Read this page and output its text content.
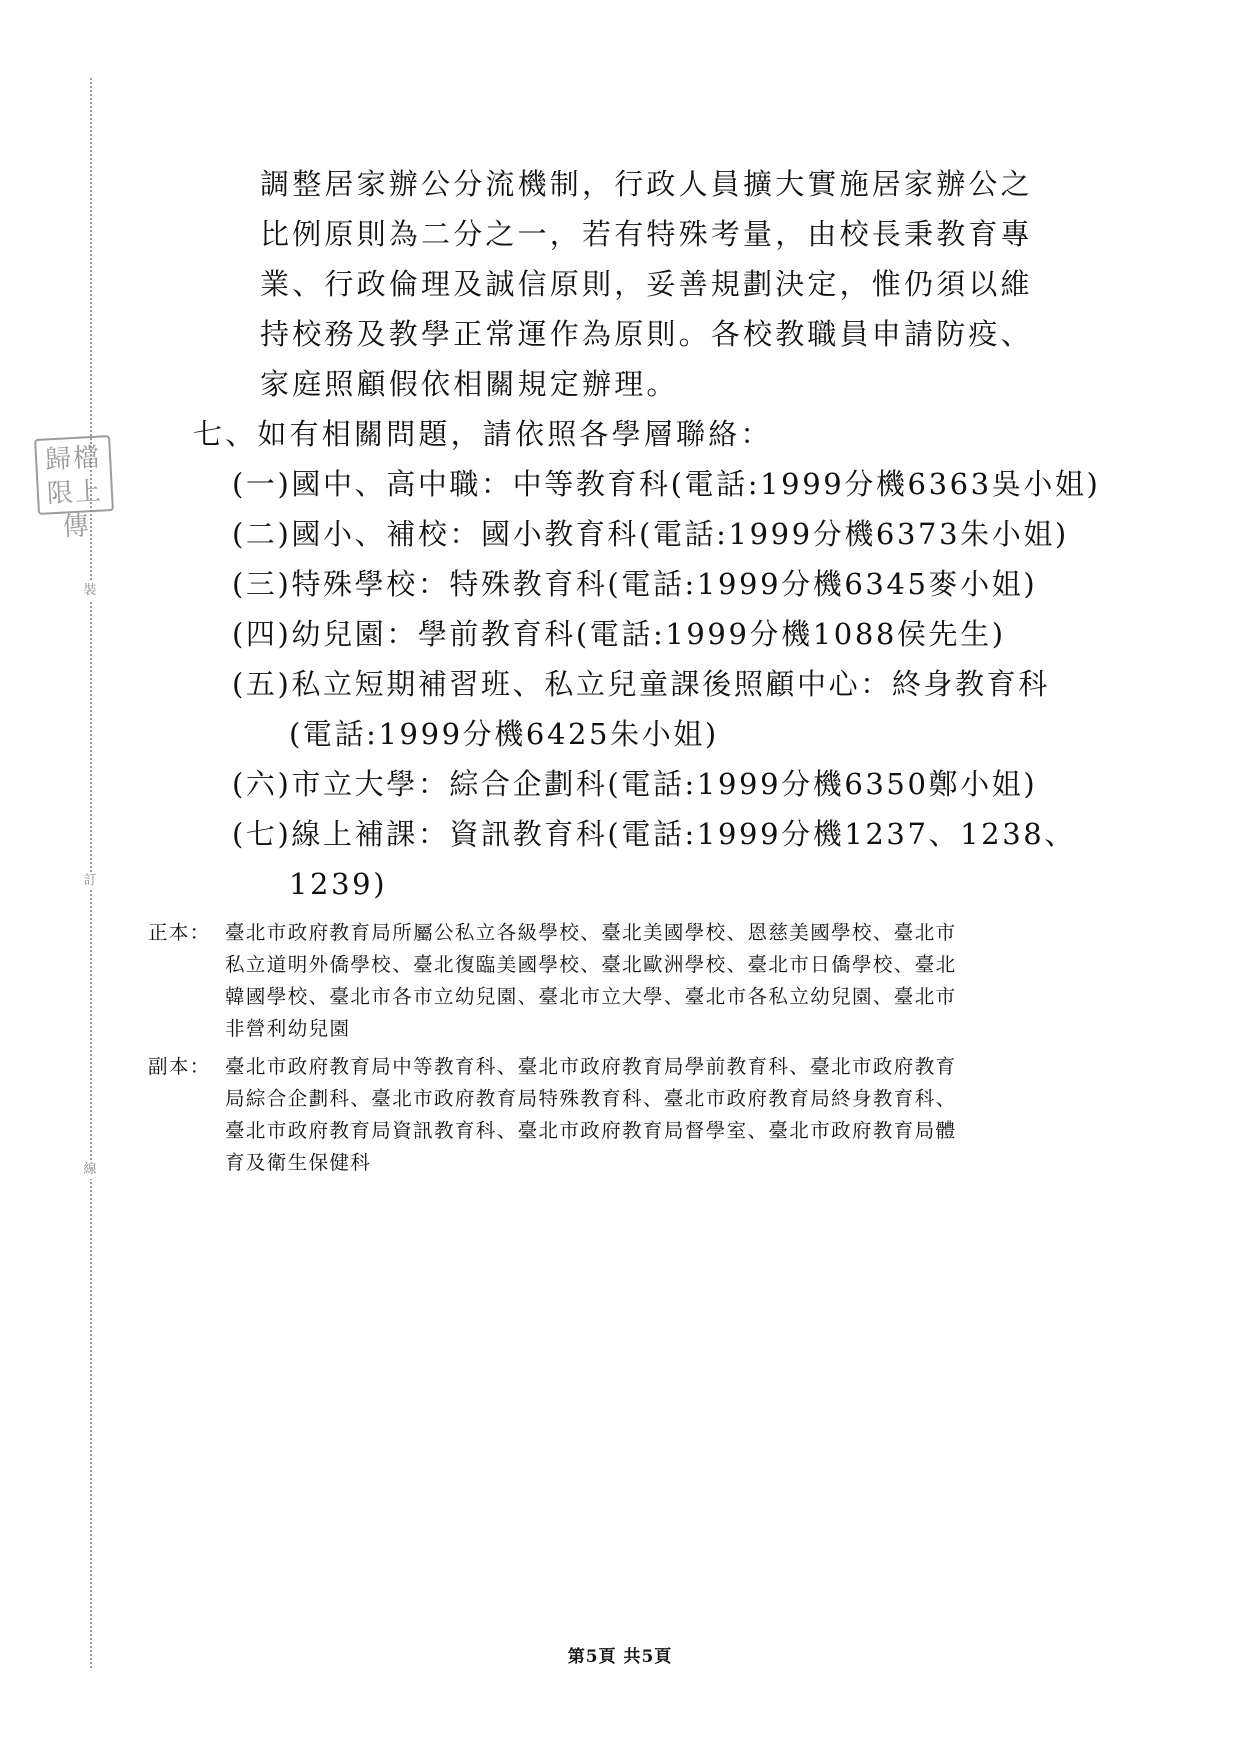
歸檔
限上傳
裝
訂
線
調整居家辦公分流機制，行政人員擴大實施居家辦公之
比例原則為二分之一，若有特殊考量，由校長秉教育專
業、行政倫理及誠信原則，妥善規劃決定，惟仍須以維
持校務及教學正常運作為原則。各校教職員申請防疫、
家庭照顧假依相關規定辦理。
七、如有相關問題，請依照各學層聯絡：
(一)國中、高中職：中等教育科(電話:1999分機6363吳小姐)
(二)國小、補校：國小教育科(電話:1999分機6373朱小姐)
(三)特殊學校：特殊教育科(電話:1999分機6345麥小姐)
(四)幼兒園：學前教育科(電話:1999分機1088侯先生)
(五)私立短期補習班、私立兒童課後照顧中心：終身教育科
(電話:1999分機6425朱小姐)
(六)市立大學：綜合企劃科(電話:1999分機6350鄭小姐)
(七)線上補課：資訊教育科(電話:1999分機1237、1238、
1239)
正本： 臺北市政府教育局所屬公私立各級學校、臺北美國學校、恩慈美國學校、臺北市
私立道明外僑學校、臺北復臨美國學校、臺北歐洲學校、臺北市日僑學校、臺北
韓國學校、臺北市各市立幼兒園、臺北市立大學、臺北市各私立幼兒園、臺北市
非營利幼兒園
副本： 臺北市政府教育局中等教育科、臺北市政府教育局學前教育科、臺北市政府教育
局綜合企劃科、臺北市政府教育局特殊教育科、臺北市政府教育局終身教育科、
臺北市政府教育局資訊教育科、臺北市政府教育局督學室、臺北市政府教育局體
育及衛生保健科
第5頁 共5頁
